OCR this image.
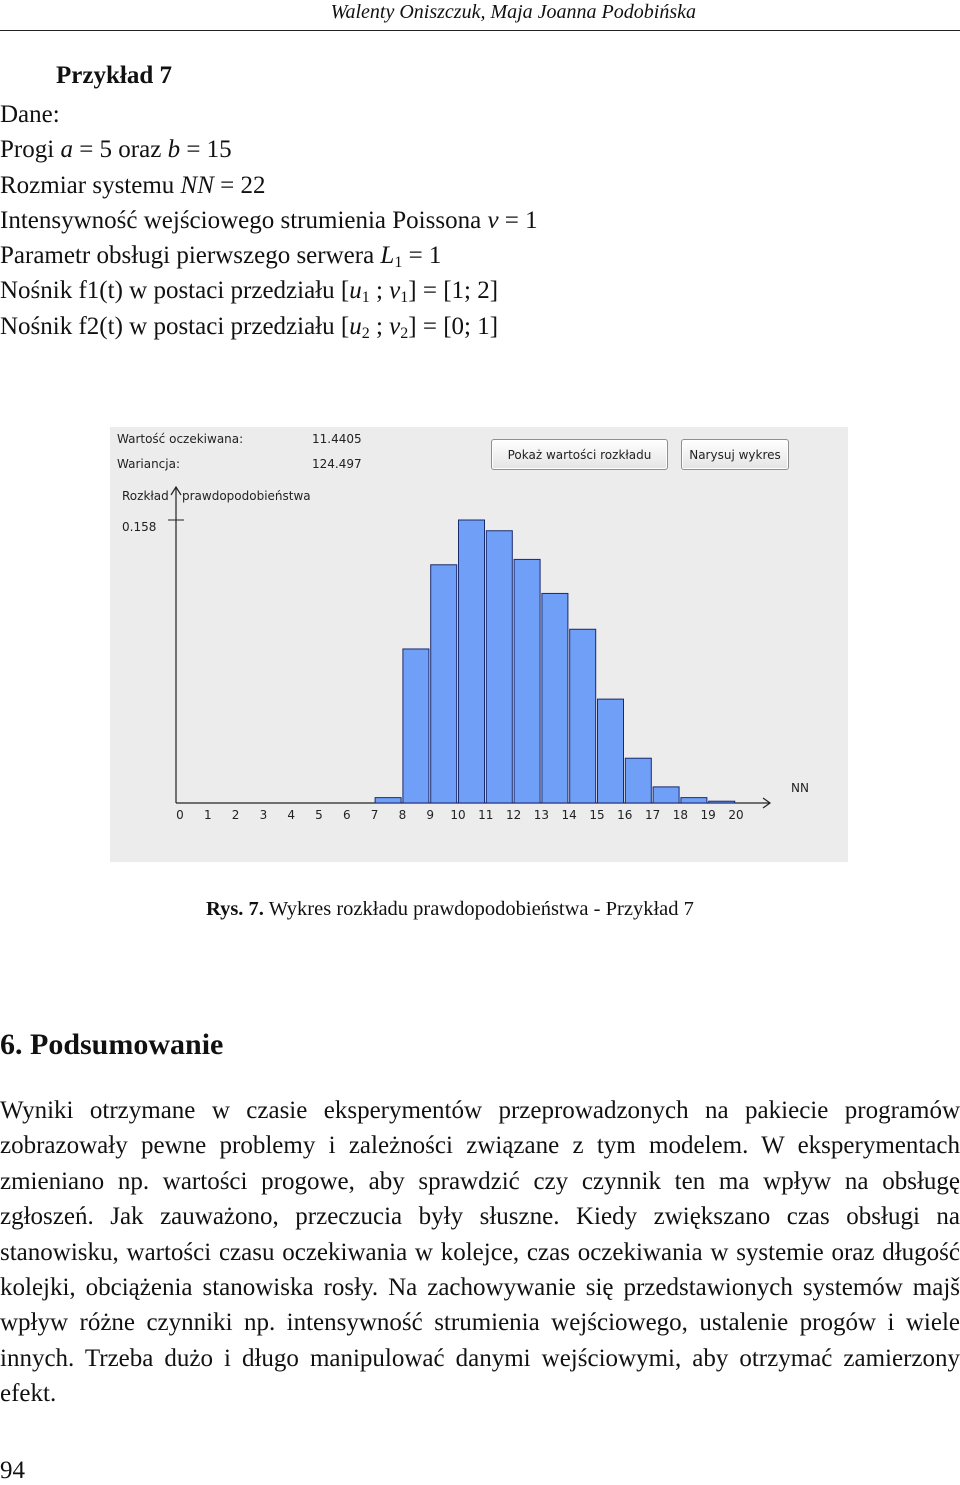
Walenty Oniszczuk, Maja Joanna Podobińska
Przykład 7
Dane:
Progi a = 5 oraz b = 15
Rozmiar systemu NN = 22
Intensywność wejściowego strumienia Poissona ν = 1
Parametr obsługi pierwszego serwera $L_1 = 1$
Nośnik f1(t) w postaci przedziału [$u_1$ ; $v_1] = [1$; 2]
Nośnik f2(t) w postaci przedziału [$u_2$ ; $v_2] = [0$; 1]
Wartość oczekiwana:	11.4405
Wariancja:	124.497
Pokaż wartości rozkładu	Narysuj wykres
Rozkład prawdopodobieństwa
0.158
NN
0 1 2 3 4 5 6 7 8 9 10 11 12 13 14 15 16 17 18 19 20
Rys. 7. Wykres rozkładu prawdopodobieństwa - Przykład 7
6. Podsumowanie
Wyniki otrzymane w czasie eksperymentów przeprowadzonych na pakiecie programów zobrazowały pewne problemy i zależności związane z tym modelem. W eksperymentach zmieniano np. wartości progowe, aby sprawdzić czy czynnik ten ma wpływ na obsługę zgłoszeń. Jak zauważono, przeczucia były słuszne. Kiedy zwiększano czas obsługi na stanowisku, wartości czasu oczekiwania w kolejce, czas oczekiwania w systemie oraz długość kolejki, obciążenia stanowiska rosły. Na zachowywanie się przedstawionych systemów majš wpływ różne czynniki np. intensywność strumienia wejściowego, ustalenie progów i wiele innych. Trzeba dużo i długo manipulować danymi wejściowymi, aby otrzymać zamierzony efekt.
94
